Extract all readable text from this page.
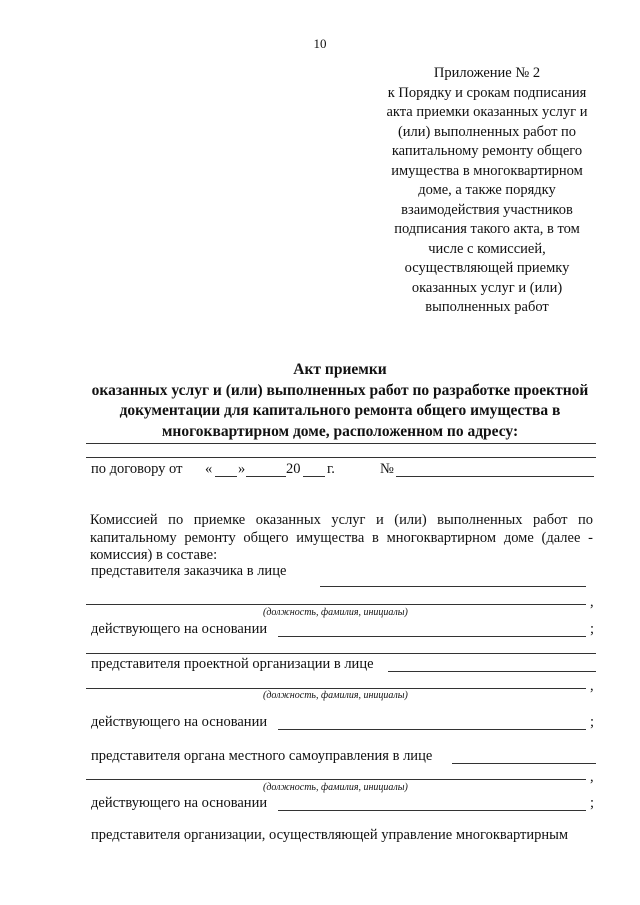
10
Приложение № 2
к Порядку и срокам подписания
акта приемки оказанных услуг и
(или) выполненных работ по
капитальному ремонту общего
имущества в многоквартирном
доме, а также порядку
взаимодействия участников
подписания такого акта, в том
числе с комиссией,
осуществляющей приемку
оказанных услуг и (или)
выполненных работ
Акт приемки
оказанных услуг и (или) выполненных работ по разработке проектной
документации для капитального ремонта общего имущества в
многоквартирном доме, расположенном по адресу:
по договору от « »	20 г.	№
Комиссией по приемке оказанных услуг и (или) выполненных работ по
капитальному ремонту общего имущества в многоквартирном доме (далее -
комиссия) в составе:
представителя заказчика в лице
,
(должность, фамилия, инициалы)
действующего на основании	;
представителя проектной организации в лице
,
(должность, фамилия, инициалы)
действующего на основании	;
представителя органа местного самоуправления в лице
,
(должность, фамилия, инициалы)
действующего на основании	;
представителя организации, осуществляющей управление многоквартирным
